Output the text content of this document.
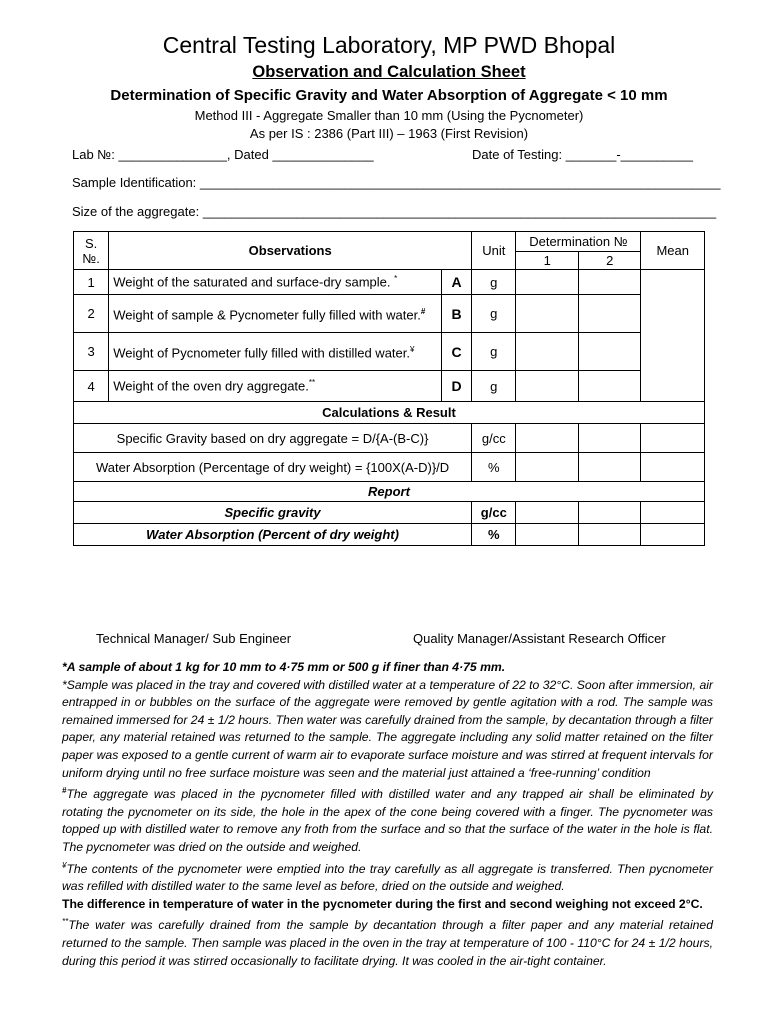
Central Testing Laboratory, MP PWD Bhopal
Observation and Calculation Sheet
Determination of Specific Gravity and Water Absorption of Aggregate < 10 mm
Method III - Aggregate Smaller than 10 mm (Using the Pycnometer)
As per IS : 2386 (Part III) – 1963 (First Revision)
Lab №: _______________, Dated ______________	Date of Testing: _______-__________
Sample Identification: ________________________________________________________________________
Size of the aggregate: _______________________________________________________________________
S. №.	Observations		Unit	Determination №		Mean
				1	2	
1	Weight of the saturated and surface-dry sample. *	A	g			
2	Weight of sample & Pycnometer fully filled with water.#	B	g			
3	Weight of Pycnometer fully filled with distilled water.¥	C	g			
4	Weight of the oven dry aggregate.**	D	g			
Calculations & Result						
Specific Gravity based on dry aggregate = D/{A-(B-C)}			g/cc			
Water Absorption (Percentage of dry weight) = {100X(A-D)}/D			%			
Report						
Specific gravity			g/cc			
Water Absorption (Percent of dry weight)			%			
Technical Manager/ Sub Engineer	Quality Manager/Assistant Research Officer

*A sample of about 1 kg for 10 mm to 4·75 mm or 500 g if finer than 4·75 mm.

*Sample was placed in the tray and covered with distilled water at a temperature of 22 to 32°C. Soon after immersion, air entrapped in or bubbles on the surface of the aggregate were removed by gentle agitation with a rod. The sample was remained immersed for 24 ± 1/2 hours. Then water was carefully drained from the sample, by decantation through a filter paper, any material retained was returned to the sample. The aggregate including any solid matter retained on the filter paper was exposed to a gentle current of warm air to evaporate surface moisture and was stirred at frequent intervals for uniform drying until no free surface moisture was seen and the material just attained a ‘free-running’ condition

#The aggregate was placed in the pycnometer filled with distilled water and any trapped air shall be eliminated by rotating the pycnometer on its side, the hole in the apex of the cone being covered with a finger. The pycnometer was topped up with distilled water to remove any froth from the surface and so that the surface of the water in the hole is flat. The pycnometer was dried on the outside and weighed.

¥The contents of the pycnometer were emptied into the tray carefully as all aggregate is transferred. Then pycnometer was refilled with distilled water to the same level as before, dried on the outside and weighed.

The difference in temperature of water in the pycnometer during the first and second weighing not exceed 2°C.

**The water was carefully drained from the sample by decantation through a filter paper and any material retained returned to the sample. Then sample was placed in the oven in the tray at temperature of 100 - 110°C for 24 ± 1/2 hours, during this period it was stirred occasionally to facilitate drying. It was cooled in the air-tight container.
